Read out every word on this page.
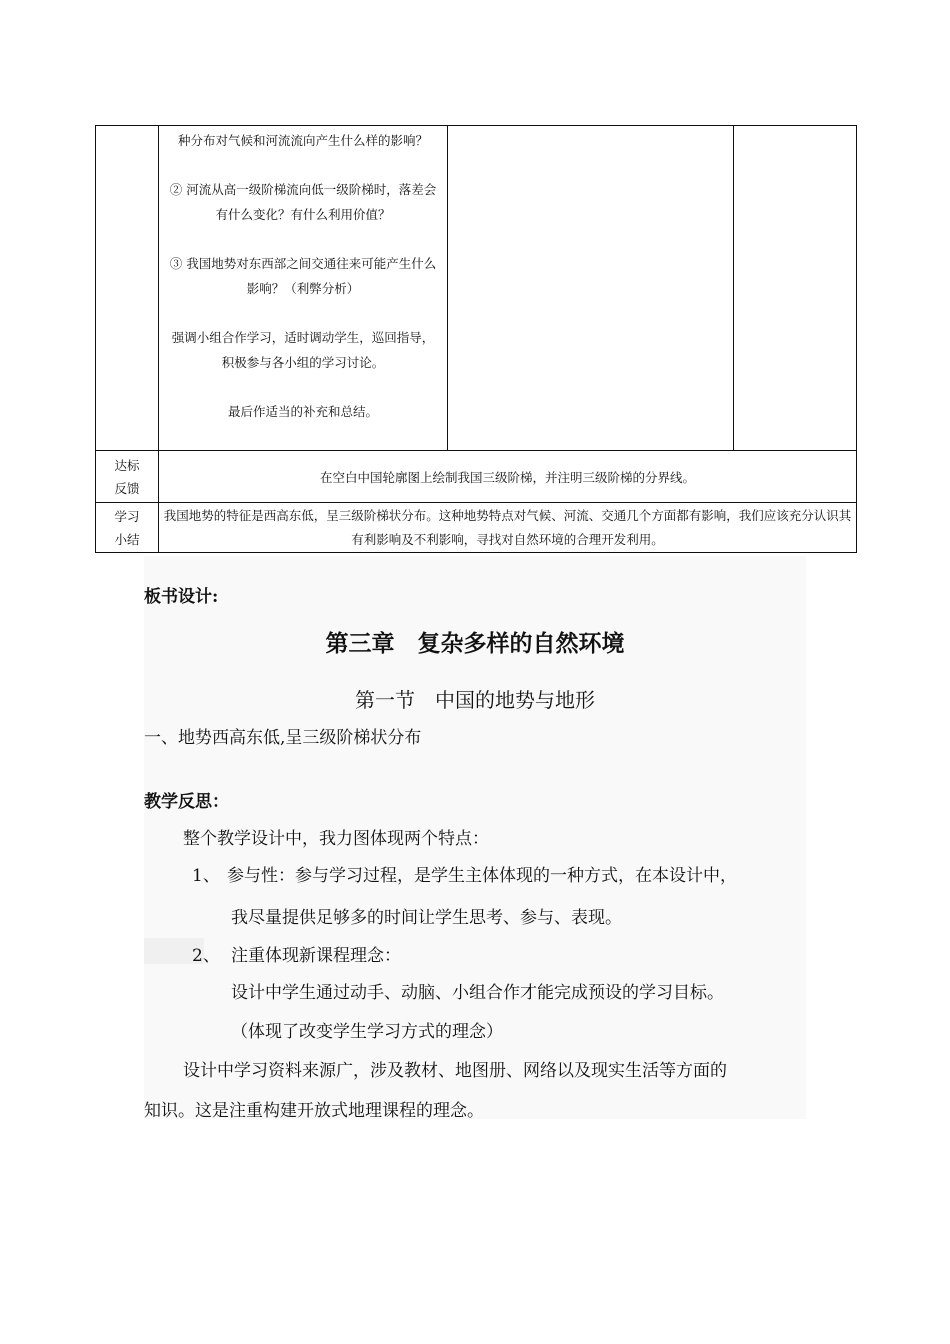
	种分布对气候和河流流向产生什么样的影响？

② 河流从高一级阶梯流向低一级阶梯时，落差会有什么变化？有什么利用价值？

③ 我国地势对东西部之间交通往来可能产生什么影响？（利弊分析）

强调小组合作学习，适时调动学生，巡回指导，积极参与各小组的学习讨论。

最后作适当的补充和总结。		

达标
反馈	在空白中国轮廓图上绘制我国三级阶梯，并注明三级阶梯的分界线。		

学习
小结	我国地势的特征是西高东低，呈三级阶梯状分布。这种地势特点对气候、河流、交通几个方面都有影响，我们应该充分认识其有利影响及不利影响，寻找对自然环境的合理开发利用。		
板书设计:
第三章　复杂多样的自然环境
第一节　中国的地势与地形
一、地势西高东低,呈三级阶梯状分布
教学反思：
整个教学设计中，我力图体现两个特点：
1、 参与性：参与学习过程，是学生主体体现的一种方式，在本设计中，
我尽量提供足够多的时间让学生思考、参与、表现。
2、 注重体现新课程理念：
设计中学生通过动手、动脑、小组合作才能完成预设的学习目标。
（体现了改变学生学习方式的理念）
设计中学习资料来源广，涉及教材、地图册、网络以及现实生活等方面的
知识。这是注重构建开放式地理课程的理念。
